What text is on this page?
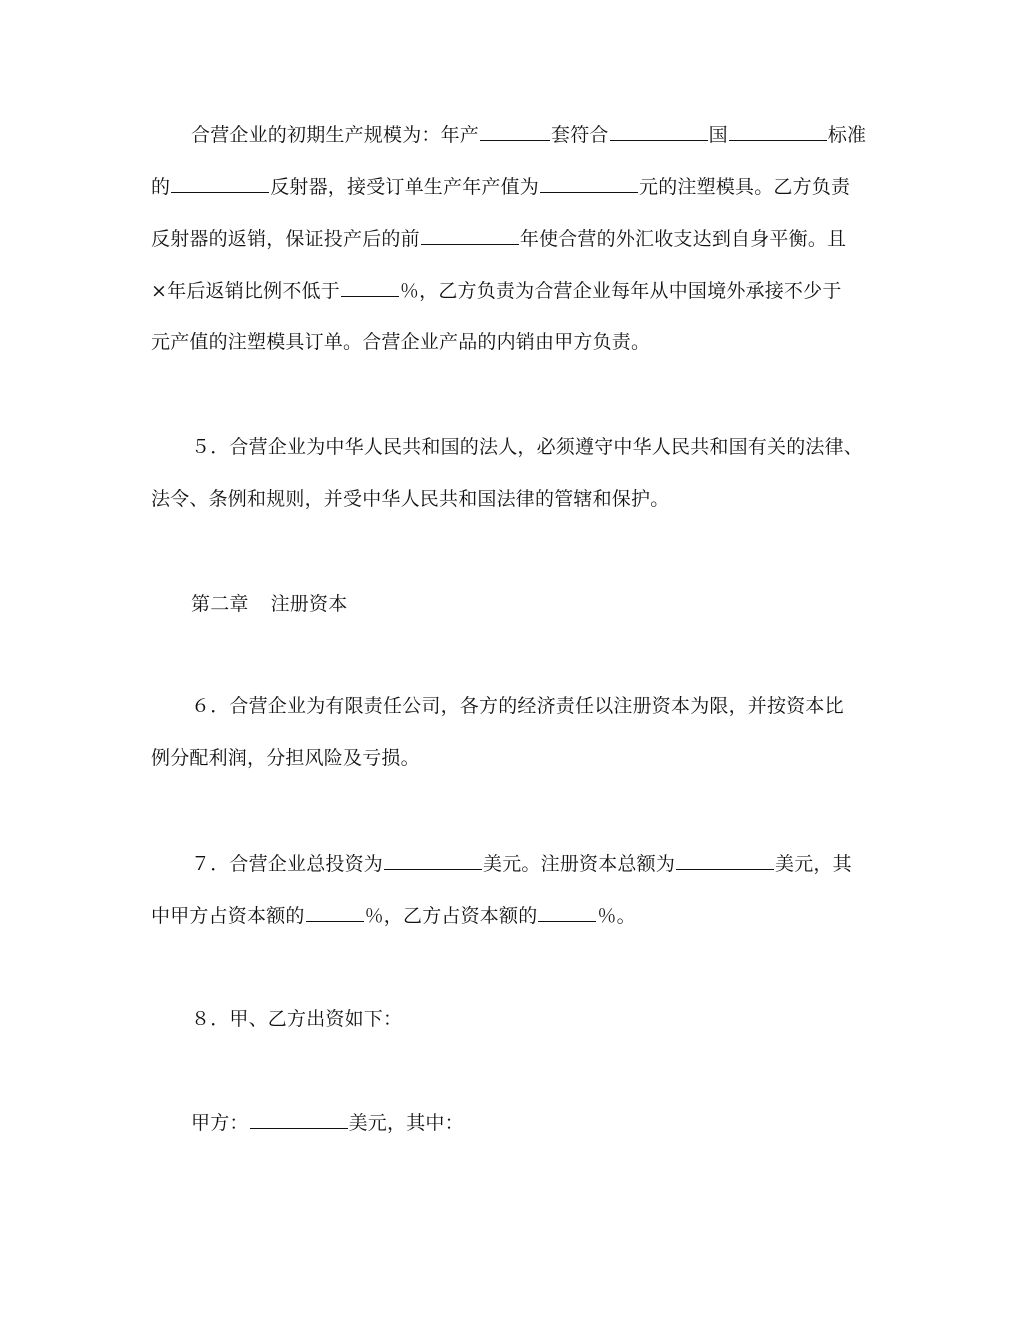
合营企业的初期生产规模为：年产	套符合	国	标准
的	反射器，接受订单生产年产值为	元的注塑模具。乙方负责
反射器的返销，保证投产后的前	年使合营的外汇收支达到自身平衡。且
×年后返销比例不低于	％，乙方负责为合营企业每年从中国境外承接不少于
元产值的注塑模具订单。合营企业产品的内销由甲方负责。
５．合营企业为中华人民共和国的法人，必须遵守中华人民共和国有关的法律、
法令、条例和规则，并受中华人民共和国法律的管辖和保护。
第二章 注册资本
６．合营企业为有限责任公司，各方的经济责任以注册资本为限，并按资本比
例分配利润，分担风险及亏损。
７．合营企业总投资为	美元。注册资本总额为	美元，其
中甲方占资本额的	％，乙方占资本额的	％。
８．甲、乙方出资如下：
甲方：	美元，其中：
